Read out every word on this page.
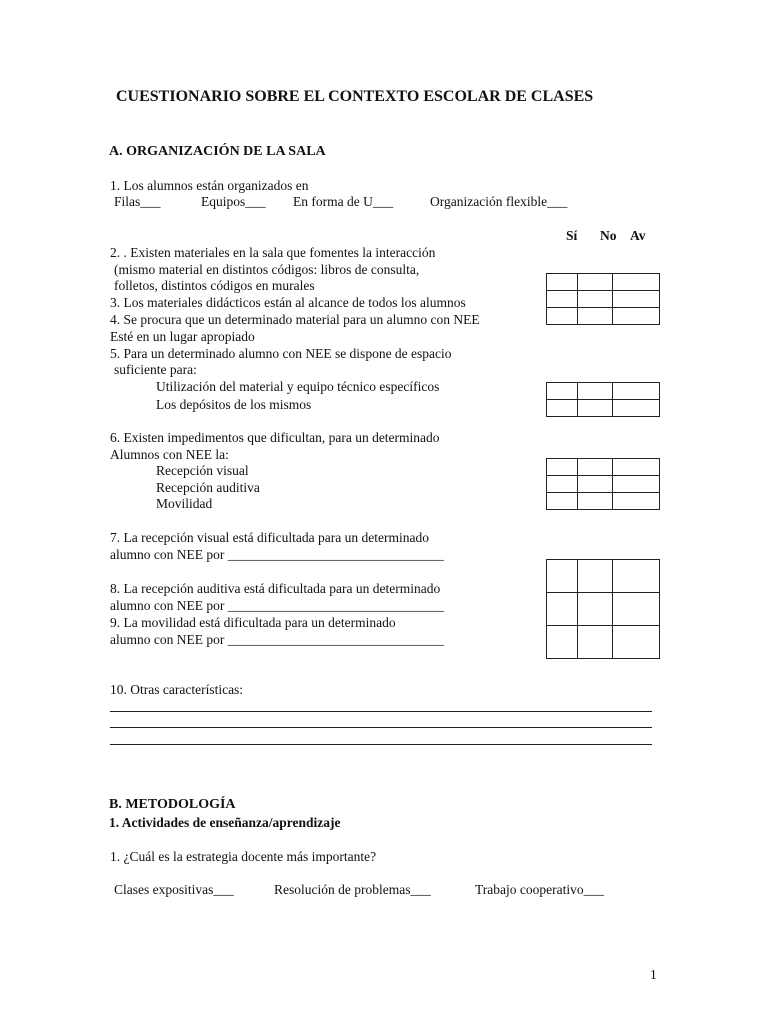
CUESTIONARIO SOBRE EL CONTEXTO ESCOLAR DE CLASES
A. ORGANIZACIÓN DE LA SALA
1. Los alumnos están organizados en
Filas___	Equipos___ En forma de U___	Organización flexible___
Sí No Av
2. . Existen materiales en la sala que fomentes la interacción
(mismo material en distintos códigos: libros de consulta,
folletos, distintos códigos en murales
3. Los materiales didácticos están al alcance de todos los alumnos
4. Se procura que un determinado material para un alumno con NEE
Esté en un lugar apropiado

5. Para un determinado alumno con NEE se dispone de espacio
suficiente para:
Utilización del material y equipo técnico específicos
Los depósitos de los mismos

6. Existen impedimentos que dificultan, para un determinado
Alumnos con NEE la:
Recepción visual
Recepción auditiva
Movilidad

7. La recepción visual está dificultada para un determinado
alumno con NEE por ________________________________
8. La recepción auditiva está dificultada para un determinado
alumno con NEE por ________________________________
9. La movilidad está dificultada para un determinado
alumno con NEE por ________________________________

10. Otras características:
B. METODOLOGÍA
1. Actividades de enseñanza/aprendizaje
1. ¿Cuál es la estrategia docente más importante?
Clases expositivas___	Resolución de problemas___	Trabajo cooperativo___
1
